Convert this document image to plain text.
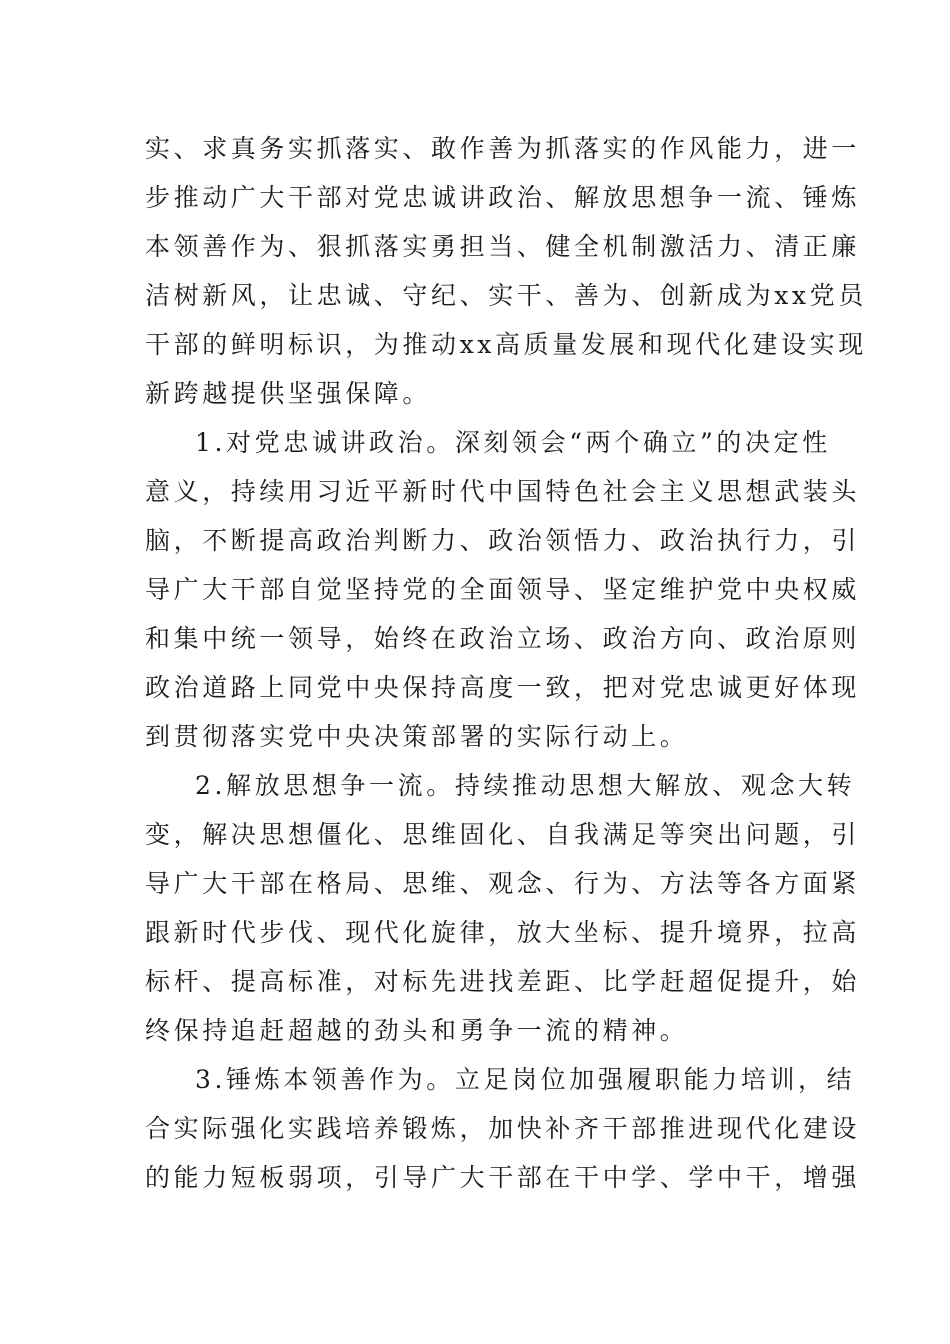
实、求真务实抓落实、敢作善为抓落实的作风能力，进一
步推动广大干部对党忠诚讲政治、解放思想争一流、锤炼
本领善作为、狠抓落实勇担当、健全机制激活力、清正廉
洁树新风，让忠诚、守纪、实干、善为、创新成为xx党员
干部的鲜明标识，为推动xx高质量发展和现代化建设实现
新跨越提供坚强保障。
1.对党忠诚讲政治。深刻领会“两个确立”的决定性
意义，持续用习近平新时代中国特色社会主义思想武装头
脑，不断提高政治判断力、政治领悟力、政治执行力，引
导广大干部自觉坚持党的全面领导、坚定维护党中央权威
和集中统一领导，始终在政治立场、政治方向、政治原则
政治道路上同党中央保持高度一致，把对党忠诚更好体现
到贯彻落实党中央决策部署的实际行动上。
2.解放思想争一流。持续推动思想大解放、观念大转
变，解决思想僵化、思维固化、自我满足等突出问题，引
导广大干部在格局、思维、观念、行为、方法等各方面紧
跟新时代步伐、现代化旋律，放大坐标、提升境界，拉高
标杆、提高标准，对标先进找差距、比学赶超促提升，始
终保持追赶超越的劲头和勇争一流的精神。
3.锤炼本领善作为。立足岗位加强履职能力培训，结
合实际强化实践培养锻炼，加快补齐干部推进现代化建设
的能力短板弱项，引导广大干部在干中学、学中干，增强
